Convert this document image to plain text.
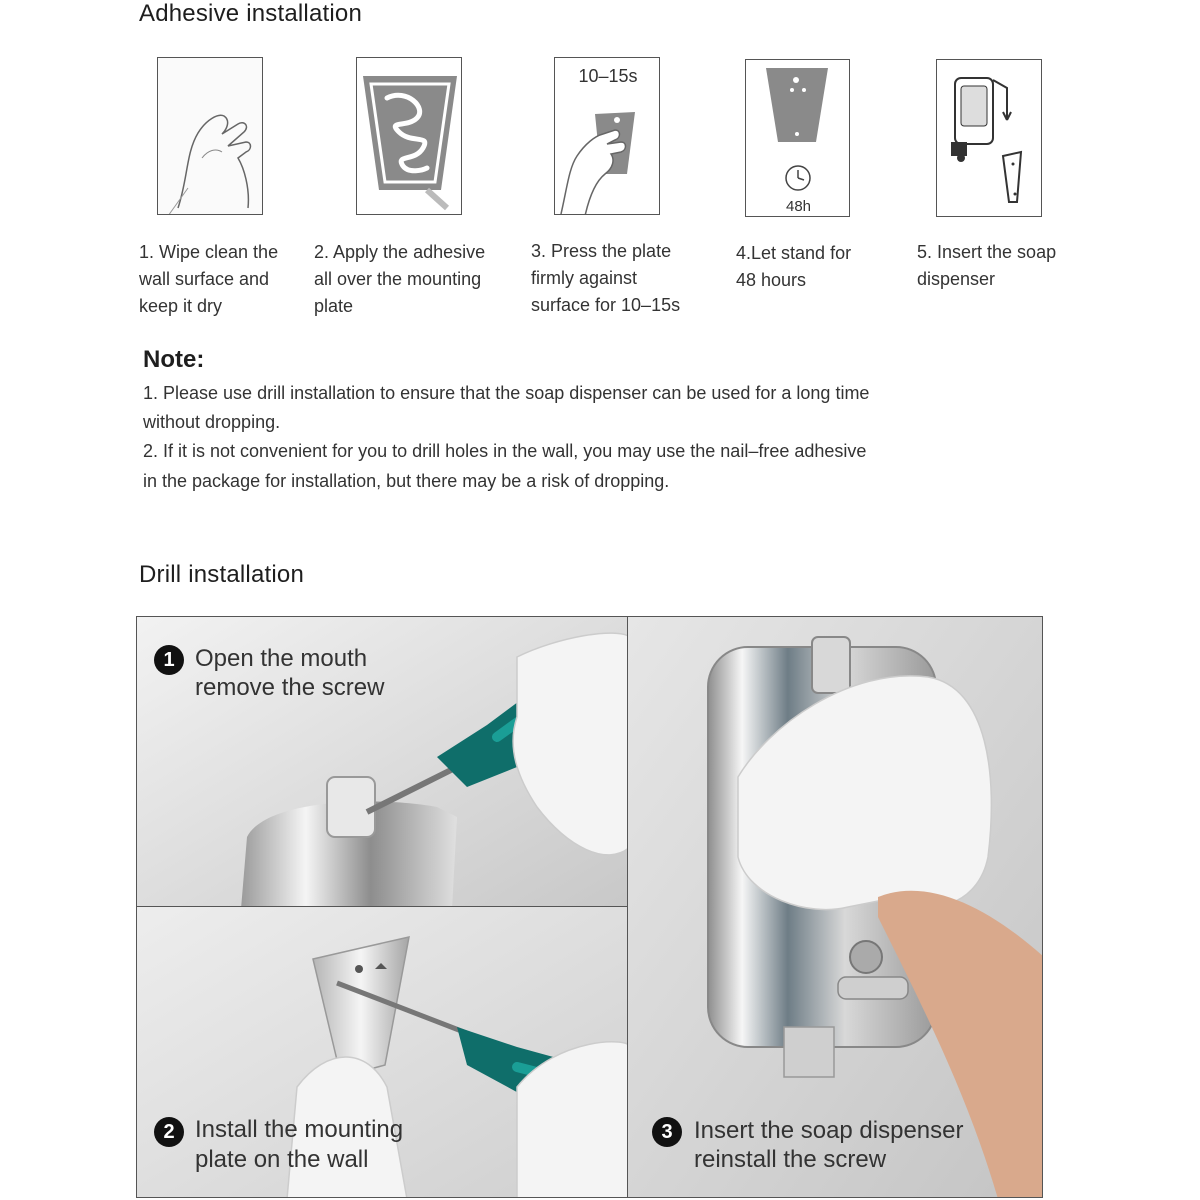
Adhesive installation
10–15s
48h
1. Wipe clean the
wall surface and
keep it dry
2. Apply the adhesive
all over the mounting
plate
3. Press the plate
firmly against
surface for 10–15s
4.Let stand for
48 hours
5. Insert the soap
dispenser
Note:
1. Please use drill installation to ensure that the soap dispenser can be used for a long time
without dropping.
2. If it is not convenient for you to drill holes in the wall, you may use the nail–free adhesive
in the package for installation, but there may be a risk of dropping.
Drill installation
1 Open the mouth
remove the screw
2 Install the mounting
plate on the wall
3 Insert the soap dispenser
reinstall the screw
